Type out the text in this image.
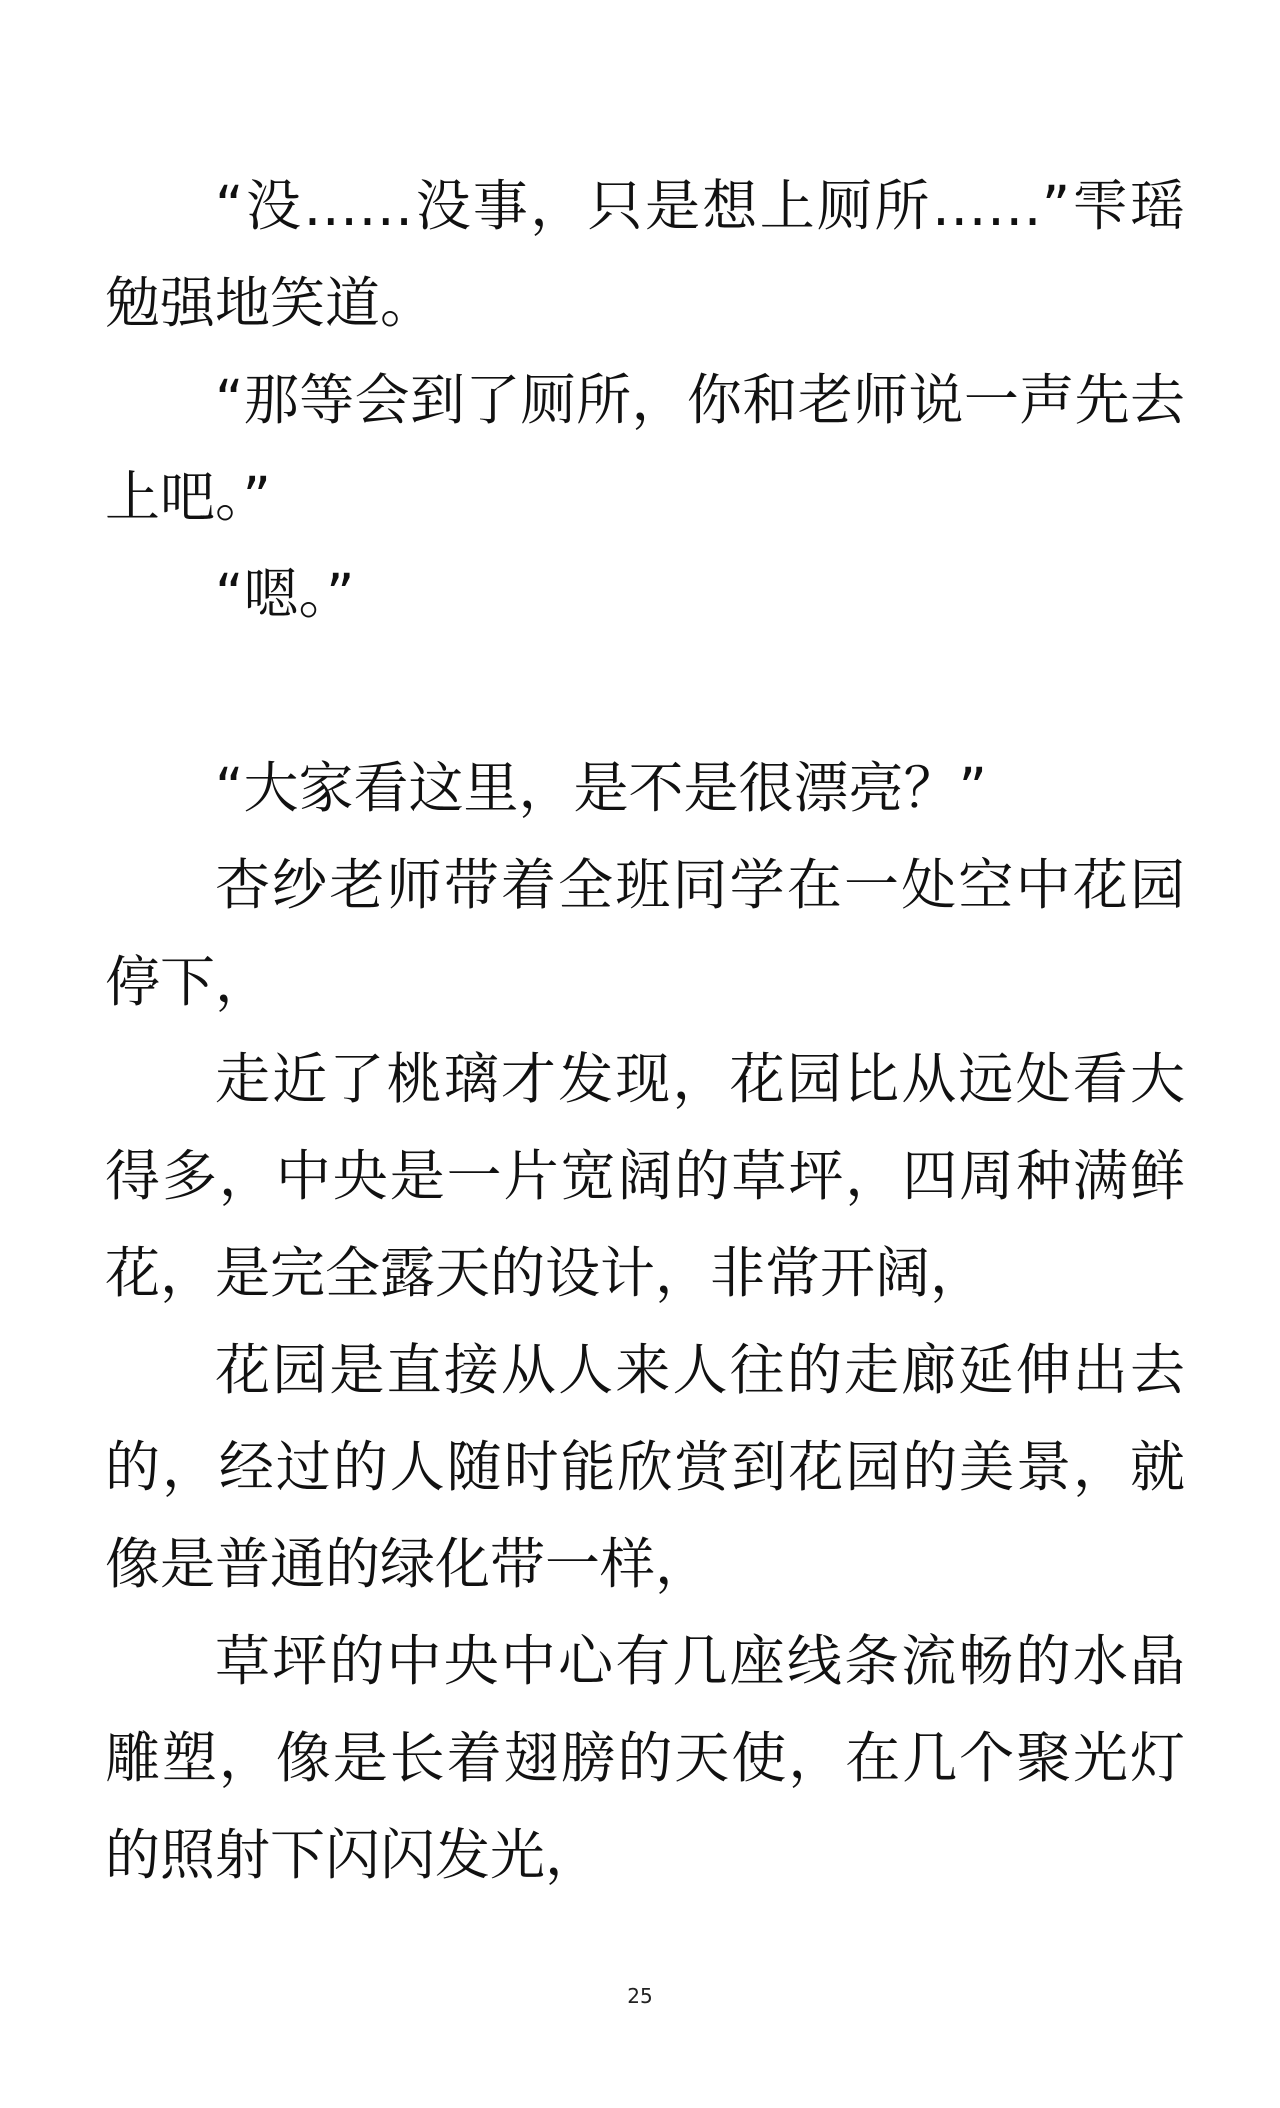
“没……没事，只是想上厕所……”雫瑶勉强地笑道。

“那等会到了厕所，你和老师说一声先去上吧。”

“嗯。”

“大家看这里，是不是很漂亮？”

杏纱老师带着全班同学在一处空中花园停下，

走近了桃璃才发现，花园比从远处看大得多，中央是一片宽阔的草坪，四周种满鲜花，是完全露天的设计，非常开阔，

花园是直接从人来人往的走廊延伸出去的，经过的人随时能欣赏到花园的美景，就像是普通的绿化带一样，

草坪的中央中心有几座线条流畅的水晶雕塑，像是长着翅膀的天使，在几个聚光灯的照射下闪闪发光，

25
